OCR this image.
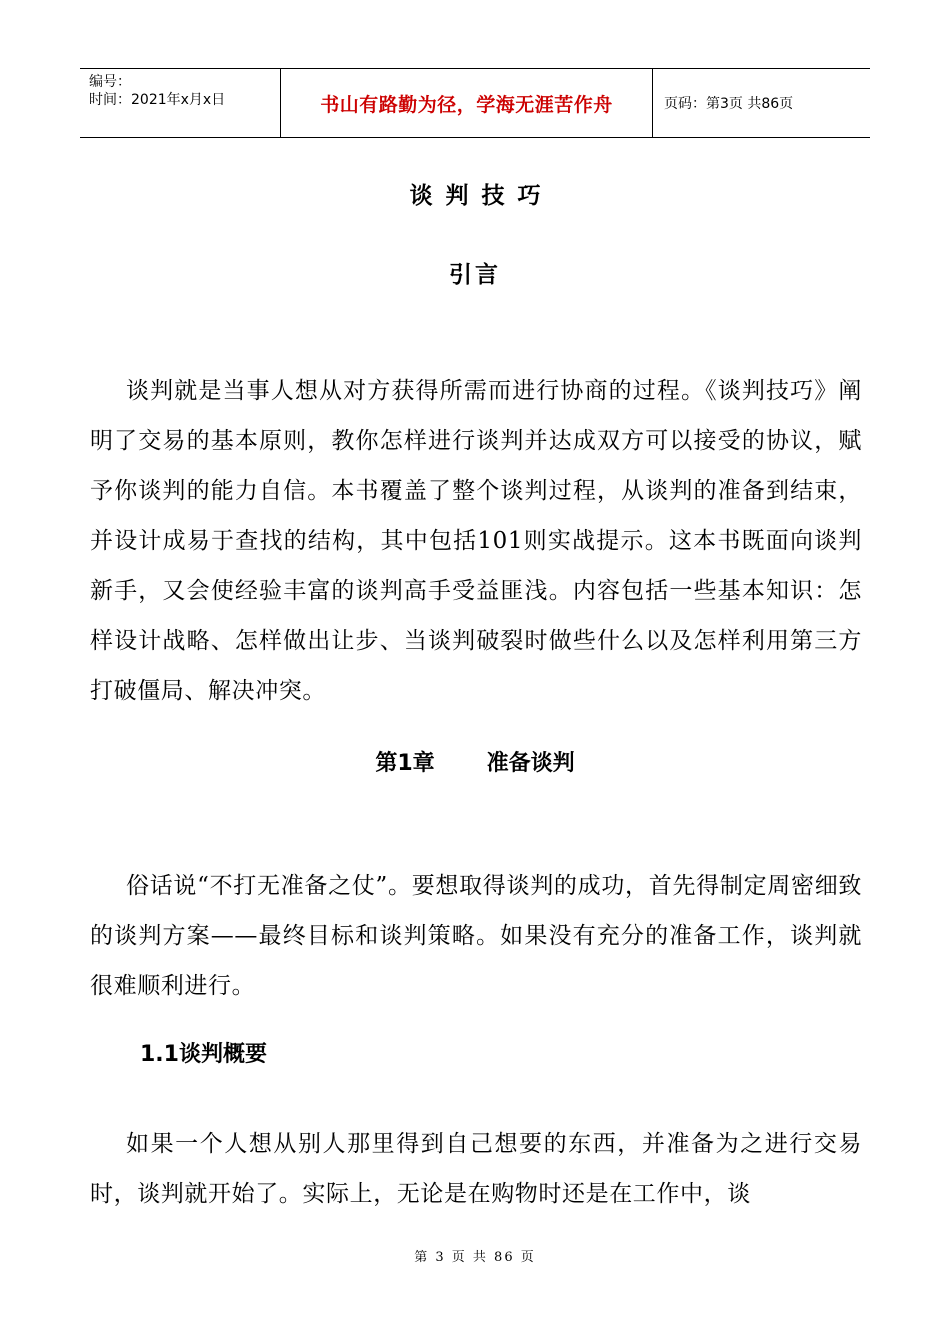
编号：
时间：2021年x月x日	书山有路勤为径，学海无涯苦作舟	页码：第3页 共86页
谈判技巧
引言

谈判就是当事人想从对方获得所需而进行协商的过程。《谈判技巧》阐明了交易的基本原则，教你怎样进行谈判并达成双方可以接受的协议，赋予你谈判的能力自信。本书覆盖了整个谈判过程，从谈判的准备到结束，并设计成易于查找的结构，其中包括101则实战提示。这本书既面向谈判新手，又会使经验丰富的谈判高手受益匪浅。内容包括一些基本知识：怎样设计战略、怎样做出让步、当谈判破裂时做些什么以及怎样利用第三方打破僵局、解决冲突。

第1章 准备谈判

俗话说“不打无准备之仗”。要想取得谈判的成功，首先得制定周密细致的谈判方案——最终目标和谈判策略。如果没有充分的准备工作，谈判就很难顺利进行。

1.1谈判概要

如果一个人想从别人那里得到自己想要的东西，并准备为之进行交易时，谈判就开始了。实际上，无论是在购物时还是在工作中，谈

第 3 页 共 86 页
